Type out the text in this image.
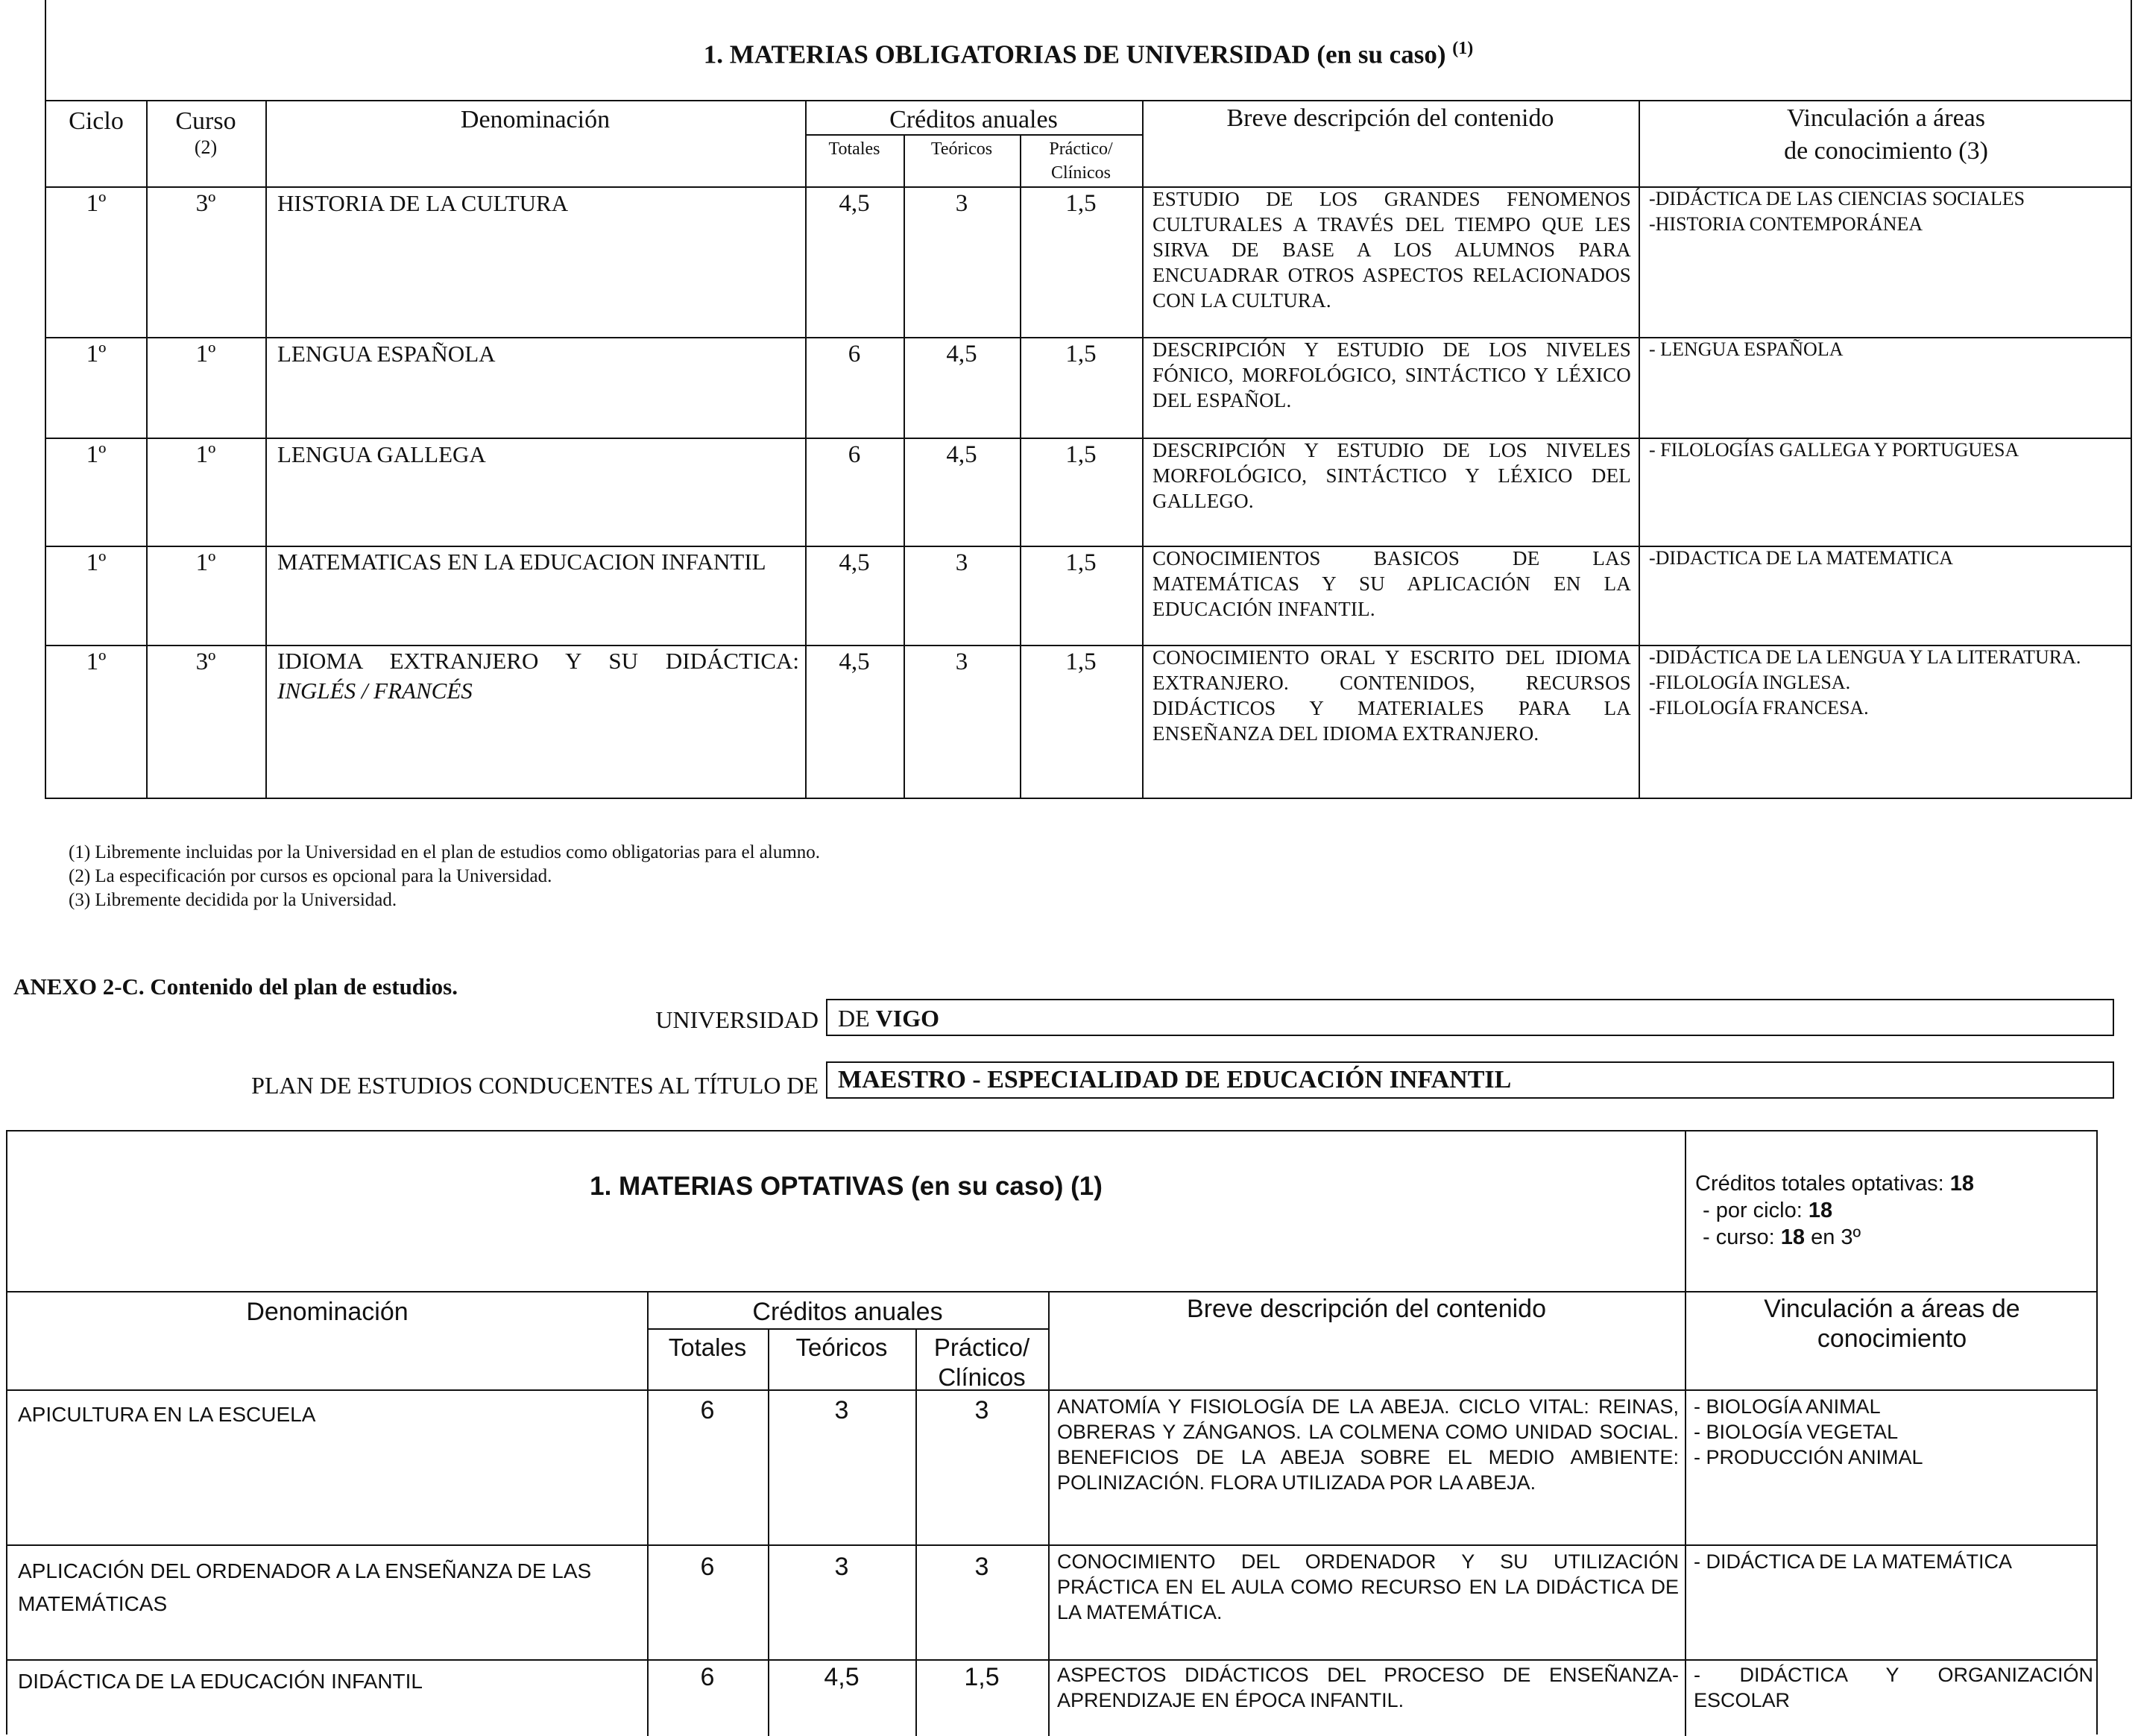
1. MATERIAS OBLIGATORIAS DE UNIVERSIDAD (en su caso) $^{(1)}$
Ciclo	Curso
(2)
Denominación	Créditos anuales
Totales	Teóricos	Práctico/
Clínicos
Breve descripción del contenido	Vinculación a áreas
de conocimiento (3)
1º	3º	HISTORIA DE LA CULTURA	4,5	3	1,5	ESTUDIO DE LOS GRANDES FENOMENOS CULTURALES A TRAVÉS DEL TIEMPO QUE LES SIRVA DE BASE A LOS ALUMNOS PARA ENCUADRAR OTROS ASPECTOS RELACIONADOS CON LA CULTURA.
-DIDÁCTICA DE LAS CIENCIAS SOCIALES
-HISTORIA CONTEMPORÁNEA
1º	1º	LENGUA ESPAÑOLA	6	4,5	1,5	DESCRIPCIÓN Y ESTUDIO DE LOS NIVELES FÓNICO, MORFOLÓGICO, SINTÁCTICO Y LÉXICO DEL ESPAÑOL.
- LENGUA ESPAÑOLA
1º	1º	LENGUA GALLEGA	6	4,5	1,5	DESCRIPCIÓN Y ESTUDIO DE LOS NIVELES MORFOLÓGICO, SINTÁCTICO Y LÉXICO DEL GALLEGO.
- FILOLOGÍAS GALLEGA Y PORTUGUESA
1º	1º	MATEMATICAS EN LA EDUCACION INFANTIL	4,5	3	1,5	CONOCIMIENTOS BASICOS DE LAS MATEMÁTICAS Y SU APLICACIÓN EN LA EDUCACIÓN INFANTIL.
-DIDACTICA DE LA MATEMATICA
1º	3º	IDIOMA EXTRANJERO Y SU DIDÁCTICA:
INGLÉS / FRANCÉS
4,5	3	1,5	CONOCIMIENTO ORAL Y ESCRITO DEL IDIOMA EXTRANJERO. CONTENIDOS, RECURSOS DIDÁCTICOS Y MATERIALES PARA LA ENSEÑANZA DEL IDIOMA EXTRANJERO.
-DIDÁCTICA DE LA LENGUA Y LA LITERATURA.
-FILOLOGÍA INGLESA.
-FILOLOGÍA FRANCESA.
(1) Libremente incluidas por la Universidad en el plan de estudios como obligatorias para el alumno.
(2) La especificación por cursos es opcional para la Universidad.
(3) Libremente decidida por la Universidad.
ANEXO 2-C. Contenido del plan de estudios.
UNIVERSIDAD DE VIGO
PLAN DE ESTUDIOS CONDUCENTES AL TÍTULO DE MAESTRO - ESPECIALIDAD DE EDUCACIÓN INFANTIL
1. MATERIAS OPTATIVAS (en su caso) (1)	Créditos totales optativas: 18
- por ciclo: 18
- curso: 18 en 3º
Denominación	Créditos anuales
Totales	Teóricos	Práctico/
Clínicos
Breve descripción del contenido	Vinculación a áreas de
conocimiento
APICULTURA EN LA ESCUELA	6	3	3	ANATOMÍA Y FISIOLOGÍA DE LA ABEJA. CICLO VITAL: REINAS, OBRERAS Y ZÁNGANOS. LA COLMENA COMO UNIDAD SOCIAL. BENEFICIOS DE LA ABEJA SOBRE EL MEDIO AMBIENTE: POLINIZACIÓN. FLORA UTILIZADA POR LA ABEJA.
- BIOLOGÍA ANIMAL
- BIOLOGÍA VEGETAL
- PRODUCCIÓN ANIMAL
APLICACIÓN DEL ORDENADOR A LA ENSEÑANZA DE LAS MATEMÁTICAS
6	3	3	CONOCIMIENTO DEL ORDENADOR Y SU UTILIZACIÓN PRÁCTICA EN EL AULA COMO RECURSO EN LA DIDÁCTICA DE LA MATEMÁTICA.
- DIDÁCTICA DE LA MATEMÁTICA
DIDÁCTICA DE LA EDUCACIÓN INFANTIL	6	4,5	1,5	ASPECTOS DIDÁCTICOS DEL PROCESO DE ENSEÑANZA-APRENDIZAJE EN ÉPOCA INFANTIL.
- DIDÁCTICA Y ORGANIZACIÓN ESCOLAR
